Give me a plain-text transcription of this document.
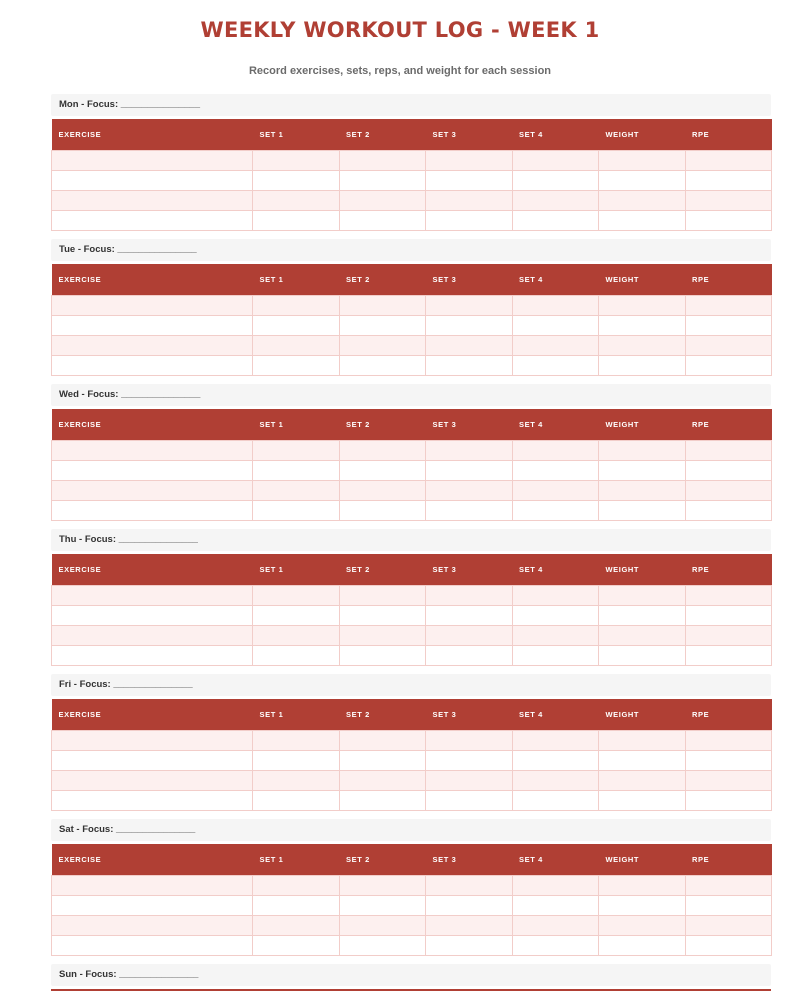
WEEKLY WORKOUT LOG - WEEK 1
Record exercises, sets, reps, and weight for each session
Mon - Focus: _______________
EXERCISE	SET 1	SET 2	SET 3	SET 4	WEIGHT	RPE

Tue - Focus: _______________
EXERCISE	SET 1	SET 2	SET 3	SET 4	WEIGHT	RPE

Wed - Focus: _______________
EXERCISE	SET 1	SET 2	SET 3	SET 4	WEIGHT	RPE

Thu - Focus: _______________
EXERCISE	SET 1	SET 2	SET 3	SET 4	WEIGHT	RPE

Fri - Focus: _______________
EXERCISE	SET 1	SET 2	SET 3	SET 4	WEIGHT	RPE

Sat - Focus: _______________
EXERCISE	SET 1	SET 2	SET 3	SET 4	WEIGHT	RPE

Sun - Focus: _______________
